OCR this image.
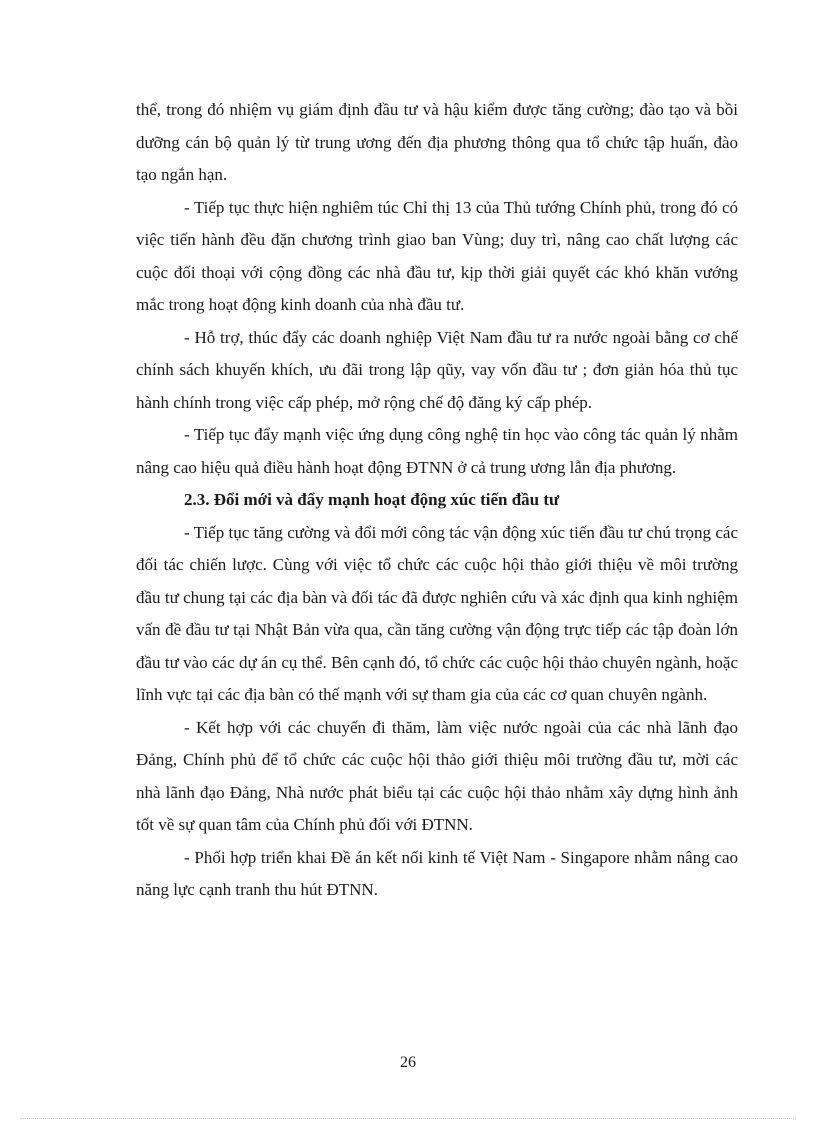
thể, trong đó nhiệm vụ giám định đầu tư và hậu kiểm được tăng cường; đào tạo và bồi dưỡng cán bộ quản lý từ trung ương đến địa phương thông qua tổ chức tập huấn, đào tạo ngắn hạn.

- Tiếp tục thực hiện nghiêm túc Chỉ thị 13 của Thủ tướng Chính phủ, trong đó có việc tiến hành đều đặn chương trình giao ban Vùng; duy trì, nâng cao chất lượng các cuộc đối thoại với cộng đồng các nhà đầu tư, kịp thời giải quyết các khó khăn vướng mắc trong hoạt động kinh doanh của nhà đầu tư.

- Hỗ trợ, thúc đẩy các doanh nghiệp Việt Nam đầu tư ra nước ngoài bằng cơ chế chính sách khuyến khích, ưu đãi trong lập qũy, vay vốn đầu tư ; đơn giản hóa thủ tục hành chính trong việc cấp phép, mở rộng chế độ đăng ký cấp phép.

- Tiếp tục đẩy mạnh việc ứng dụng công nghệ tin học vào công tác quản lý nhằm nâng cao hiệu quả điều hành hoạt động ĐTNN ở cả trung ương lẫn địa phương.

2.3. Đổi mới và đẩy mạnh hoạt động xúc tiến đầu tư

- Tiếp tục tăng cường và đổi mới công tác vận động xúc tiến đầu tư chú trọng các đối tác chiến lược. Cùng với việc tổ chức các cuộc hội thảo giới thiệu về môi trường đầu tư chung tại các địa bàn và đối tác đã được nghiên cứu và xác định qua kinh nghiệm vấn đề đầu tư tại Nhật Bản vừa qua, cần tăng cường vận động trực tiếp các tập đoàn lớn đầu tư vào các dự án cụ thể. Bên cạnh đó, tổ chức các cuộc hội thảo chuyên ngành, hoặc lĩnh vực tại các địa bàn có thế mạnh với sự tham gia của các cơ quan chuyên ngành.

- Kết hợp với các chuyến đi thăm, làm việc nước ngoài của các nhà lãnh đạo Đảng, Chính phủ để tổ chức các cuộc hội thảo giới thiệu môi trường đầu tư, mời các nhà lãnh đạo Đảng, Nhà nước phát biểu tại các cuộc hội thảo nhằm xây dựng hình ảnh tốt về sự quan tâm của Chính phủ đối với ĐTNN.

- Phối hợp triển khai Đề án kết nối kinh tế Việt Nam - Singapore nhằm nâng cao năng lực cạnh tranh thu hút ĐTNN.

26
